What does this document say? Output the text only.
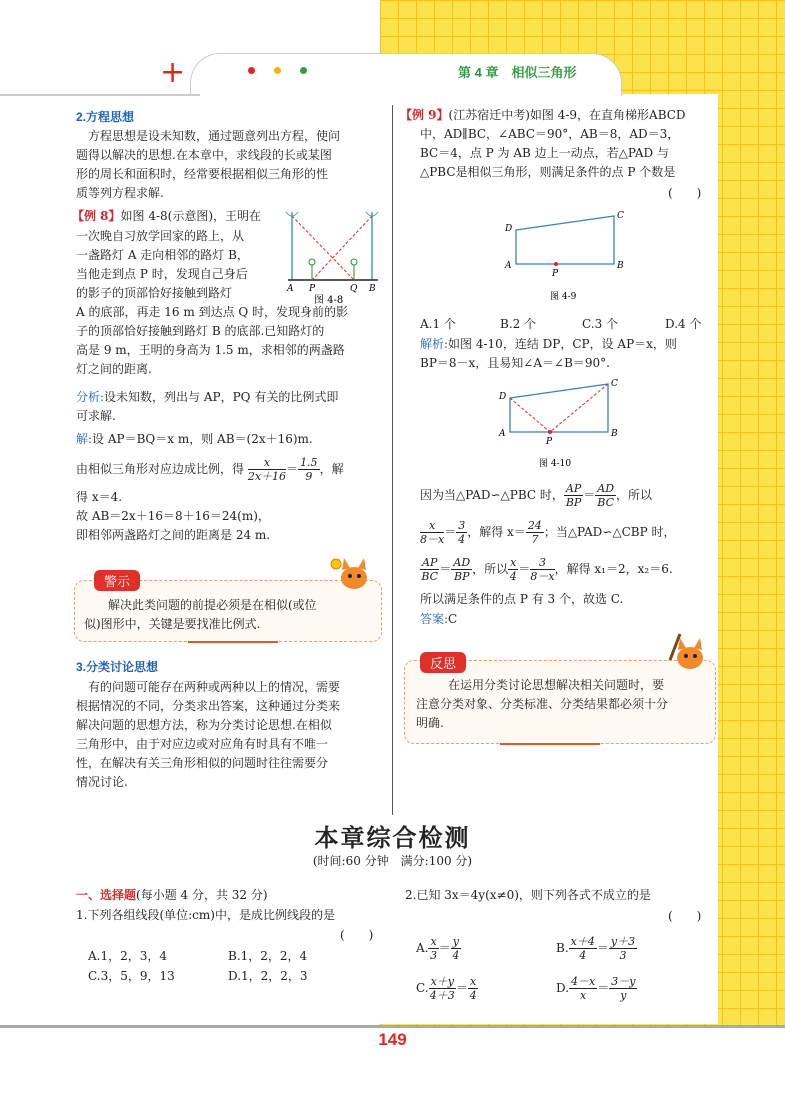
+	第 4 章　相似三角形
2.方程思想
方程思想是设未知数，通过题意列出方程，使问
题得以解决的思想.在本章中，求线段的长或某图
形的周长和面积时，经常要根据相似三角形的性
质等列方程求解.
【例 8】如图 4-8(示意图)，王明在
一次晚自习放学回家的路上，从
一盏路灯 A 走向相邻的路灯 B，
当他走到点 P 时，发现自己身后
的影子的顶部恰好接触到路灯
A 的底部，再走 16 m 到达点 Q 时，发现身前的影
子的顶部恰好接触到路灯 B 的底部.已知路灯的
高是 9 m，王明的身高为 1.5 m，求相邻的两盏路
灯之间的距离.
A P	Q B
图 4-8
分析:设未知数，列出与 AP，PQ 有关的比例式即
可求解.
解:设 AP＝BQ＝x m，则 AB＝(2x＋16)m.
由相似三角形对应边成比例，得 $\frac{x}{2x+16} = \frac{1.5}{9}$ ，解
得 x＝4.
故 AB＝2x＋16＝8＋16＝24(m)，
即相邻两盏路灯之间的距离是 24 m.
警示
解决此类问题的前提必须是在相似(或位
似)图形中，关键是要找准比例式.
3.分类讨论思想
有的问题可能存在两种或两种以上的情况，需要
根据情况的不同，分类求出答案，这种通过分类来
解决问题的思想方法，称为分类讨论思想.在相似
三角形中，由于对应边或对应角有时具有不唯一
性，在解决有关三角形相似的问题时往往需要分
情况讨论.
【例 9】(江苏宿迁中考)如图 4-9，在直角梯形ABCD
中，AD∥BC，∠ABC＝90°，AB＝8，AD＝3，
BC＝4，点 P 为 AB 边上一动点，若△PAD 与
△PBC是相似三角形，则满足条件的点 P 个数是
(　　)
D
C
A
P
B
图 4-9
A.1 个	B.2 个	C.3 个	D.4 个
解析:如图 4-10，连结 DP，CP，设 AP＝x，则
BP＝8－x，且易知∠A＝∠B＝90°.
D
C
A
P
B
图 4-10
因为当△PAD∽△PBC 时， $\frac{AP}{BP} = \frac{AD}{BC}$ ，所以
$\frac{x}{8-x} = \frac{3}{4}$ ，解得 $x= \frac{24}{7}$ ；当△PAD∽△CBP 时，
$\frac{AP}{BC} = \frac{AD}{BP}$ ，所以 $\frac{x}{4} = \frac{3}{8-x}$ ，解得 x₁＝2，x₂＝6.
所以满足条件的点 P 有 3 个，故选 C.
答案:C
反思
在运用分类讨论思想解决相关问题时，要
注意分类对象、分类标准、分类结果都必须十分
明确.
本章综合检测
(时间:60 分钟　满分:100 分)
一、选择题(每小题 4 分，共 32 分)
1.下列各组线段(单位:cm)中，是成比例线段的是
(　　)
A.1，2，3，4	B.1，2，2，4
C.3，5，9，13	D.1，2，2，3
2.已知 3x＝4y(x≠0)，则下列各式不成立的是
(　　)
A. $\frac{x}{3} = \frac{y}{4}$	B. $\frac{x+4}{4} = \frac{y+3}{3}$
C. $\frac{x+y}{4+3} = \frac{x}{4}$	D. $\frac{4-x}{x} = \frac{3-y}{y}$
149
